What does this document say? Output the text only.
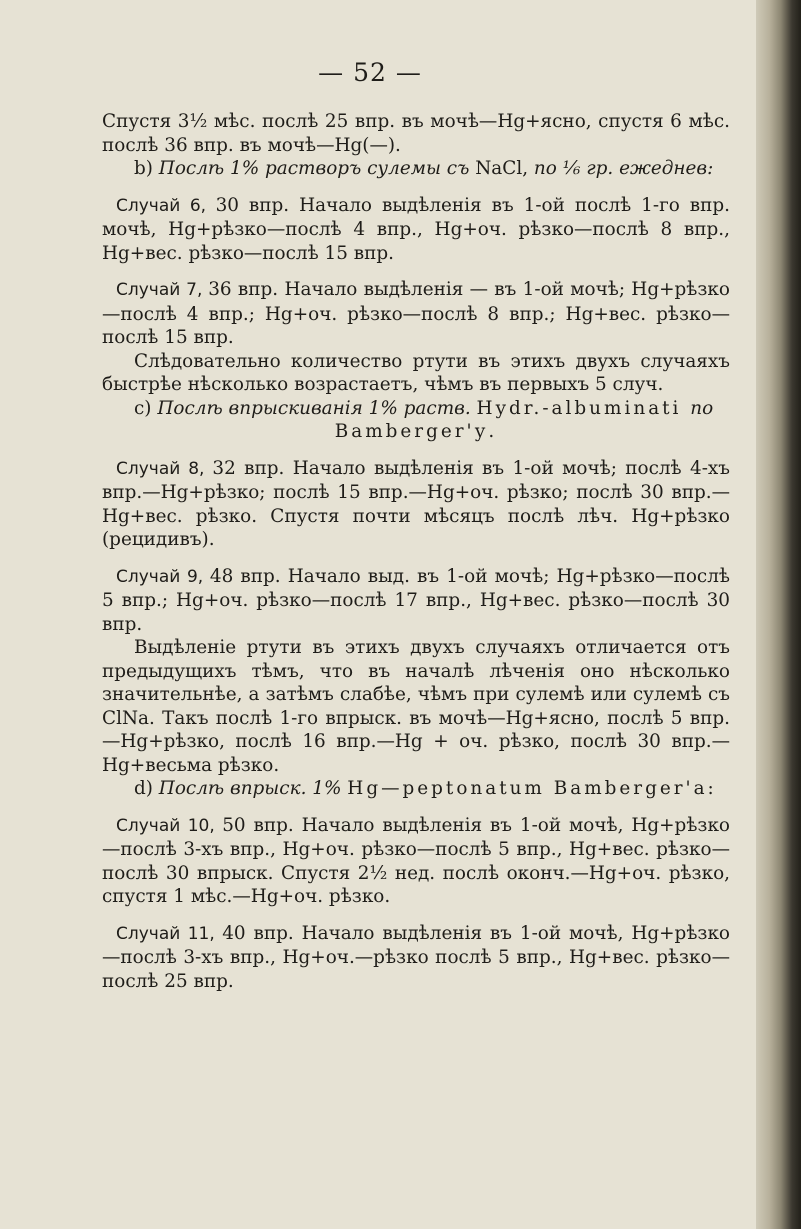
— 52 —

Спустя 3½ мѣс. послѣ 25 впр. въ мочѣ—Hg+ясно, спустя 6 мѣс. послѣ 36 впр. въ мочѣ—Hg(—).

b) Послѣ 1% растворъ сулемы съ NaCl, по ⅙ гр. ежеднев:

Случай 6, 30 впр. Начало выдѣленія въ 1-ой послѣ 1-го впр. мочѣ, Hg+рѣзко—послѣ 4 впр., Hg+оч. рѣзко—послѣ 8 впр., Hg+вес. рѣзко—послѣ 15 впр.

Случай 7, 36 впр. Начало выдѣленія — въ 1-ой мочѣ; Hg+рѣзко—послѣ 4 впр.; Hg+оч. рѣзко—послѣ 8 впр.; Hg+вес. рѣзко—послѣ 15 впр.

Слѣдовательно количество ртути въ этихъ двухъ случаяхъ быстрѣе нѣсколько возрастаетъ, чѣмъ въ первыхъ 5 случ.

c) Послѣ впрыскиванія 1% раств. Hydr.-albuminati по

Bamberger'у.

Случай 8, 32 впр. Начало выдѣленія въ 1-ой мочѣ; послѣ 4-хъ впр.—Hg+рѣзко; послѣ 15 впр.—Hg+оч. рѣзко; послѣ 30 впр.—Hg+вес. рѣзко. Спустя почти мѣсяцъ послѣ лѣч. Hg+рѣзко (рецидивъ).

Случай 9, 48 впр. Начало выд. въ 1-ой мочѣ; Hg+рѣзко—послѣ 5 впр.; Hg+оч. рѣзко—послѣ 17 впр., Hg+вес. рѣзко—послѣ 30 впр.

Выдѣленіе ртути въ этихъ двухъ случаяхъ отличается отъ предыдущихъ тѣмъ, что въ началѣ лѣченія оно нѣсколько значительнѣе, а затѣмъ слабѣе, чѣмъ при сулемѣ или сулемѣ съ ClNa. Такъ послѣ 1-го впрыск. въ мочѣ—Hg+ясно, послѣ 5 впр.—Hg+рѣзко, послѣ 16 впр.—Hg + оч. рѣзко, послѣ 30 впр.—Hg+весьма рѣзко.

d) Послѣ впрыск. 1% Hg—peptonatum Bamberger'a:

Случай 10, 50 впр. Начало выдѣленія въ 1-ой мочѣ, Hg+рѣзко—послѣ 3-хъ впр., Hg+оч. рѣзко—послѣ 5 впр., Hg+вес. рѣзко—послѣ 30 впрыск. Спустя 2½ нед. послѣ оконч.—Hg+оч. рѣзко, спустя 1 мѣс.—Hg+оч. рѣзко.

Случай 11, 40 впр. Начало выдѣленія въ 1-ой мочѣ, Hg+рѣзко—послѣ 3-хъ впр., Hg+оч.—рѣзко послѣ 5 впр., Hg+вес. рѣзко—послѣ 25 впр.
